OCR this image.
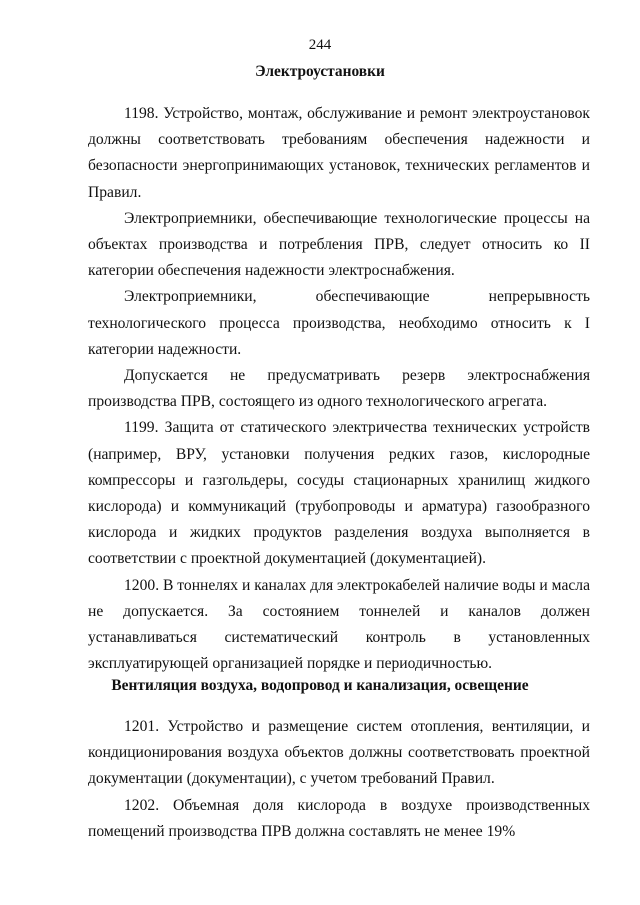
244
Электроустановки

1198. Устройство, монтаж, обслуживание и ремонт электроустановок должны соответствовать требованиям обеспечения надежности и безопасности энергопринимающих установок, технических регламентов и Правил.

Электроприемники, обеспечивающие технологические процессы на объектах производства и потребления ПРВ, следует относить ко II категории обеспечения надежности электроснабжения.

Электроприемники, обеспечивающие непрерывность технологического процесса производства, необходимо относить к I категории надежности.

Допускается не предусматривать резерв электроснабжения производства ПРВ, состоящего из одного технологического агрегата.

1199. Защита от статического электричества технических устройств (например, ВРУ, установки получения редких газов, кислородные компрессоры и газгольдеры, сосуды стационарных хранилищ жидкого кислорода) и коммуникаций (трубопроводы и арматура) газообразного кислорода и жидких продуктов разделения воздуха выполняется в соответствии с проектной документацией (документацией).

1200. В тоннелях и каналах для электрокабелей наличие воды и масла не допускается. За состоянием тоннелей и каналов должен устанавливаться систематический контроль в установленных эксплуатирующей организацией порядке и периодичностью.

Вентиляция воздуха, водопровод и канализация, освещение

1201. Устройство и размещение систем отопления, вентиляции, и кондиционирования воздуха объектов должны соответствовать проектной документации (документации), с учетом требований Правил.

1202. Объемная доля кислорода в воздухе производственных помещений производства ПРВ должна составлять не менее 19%
